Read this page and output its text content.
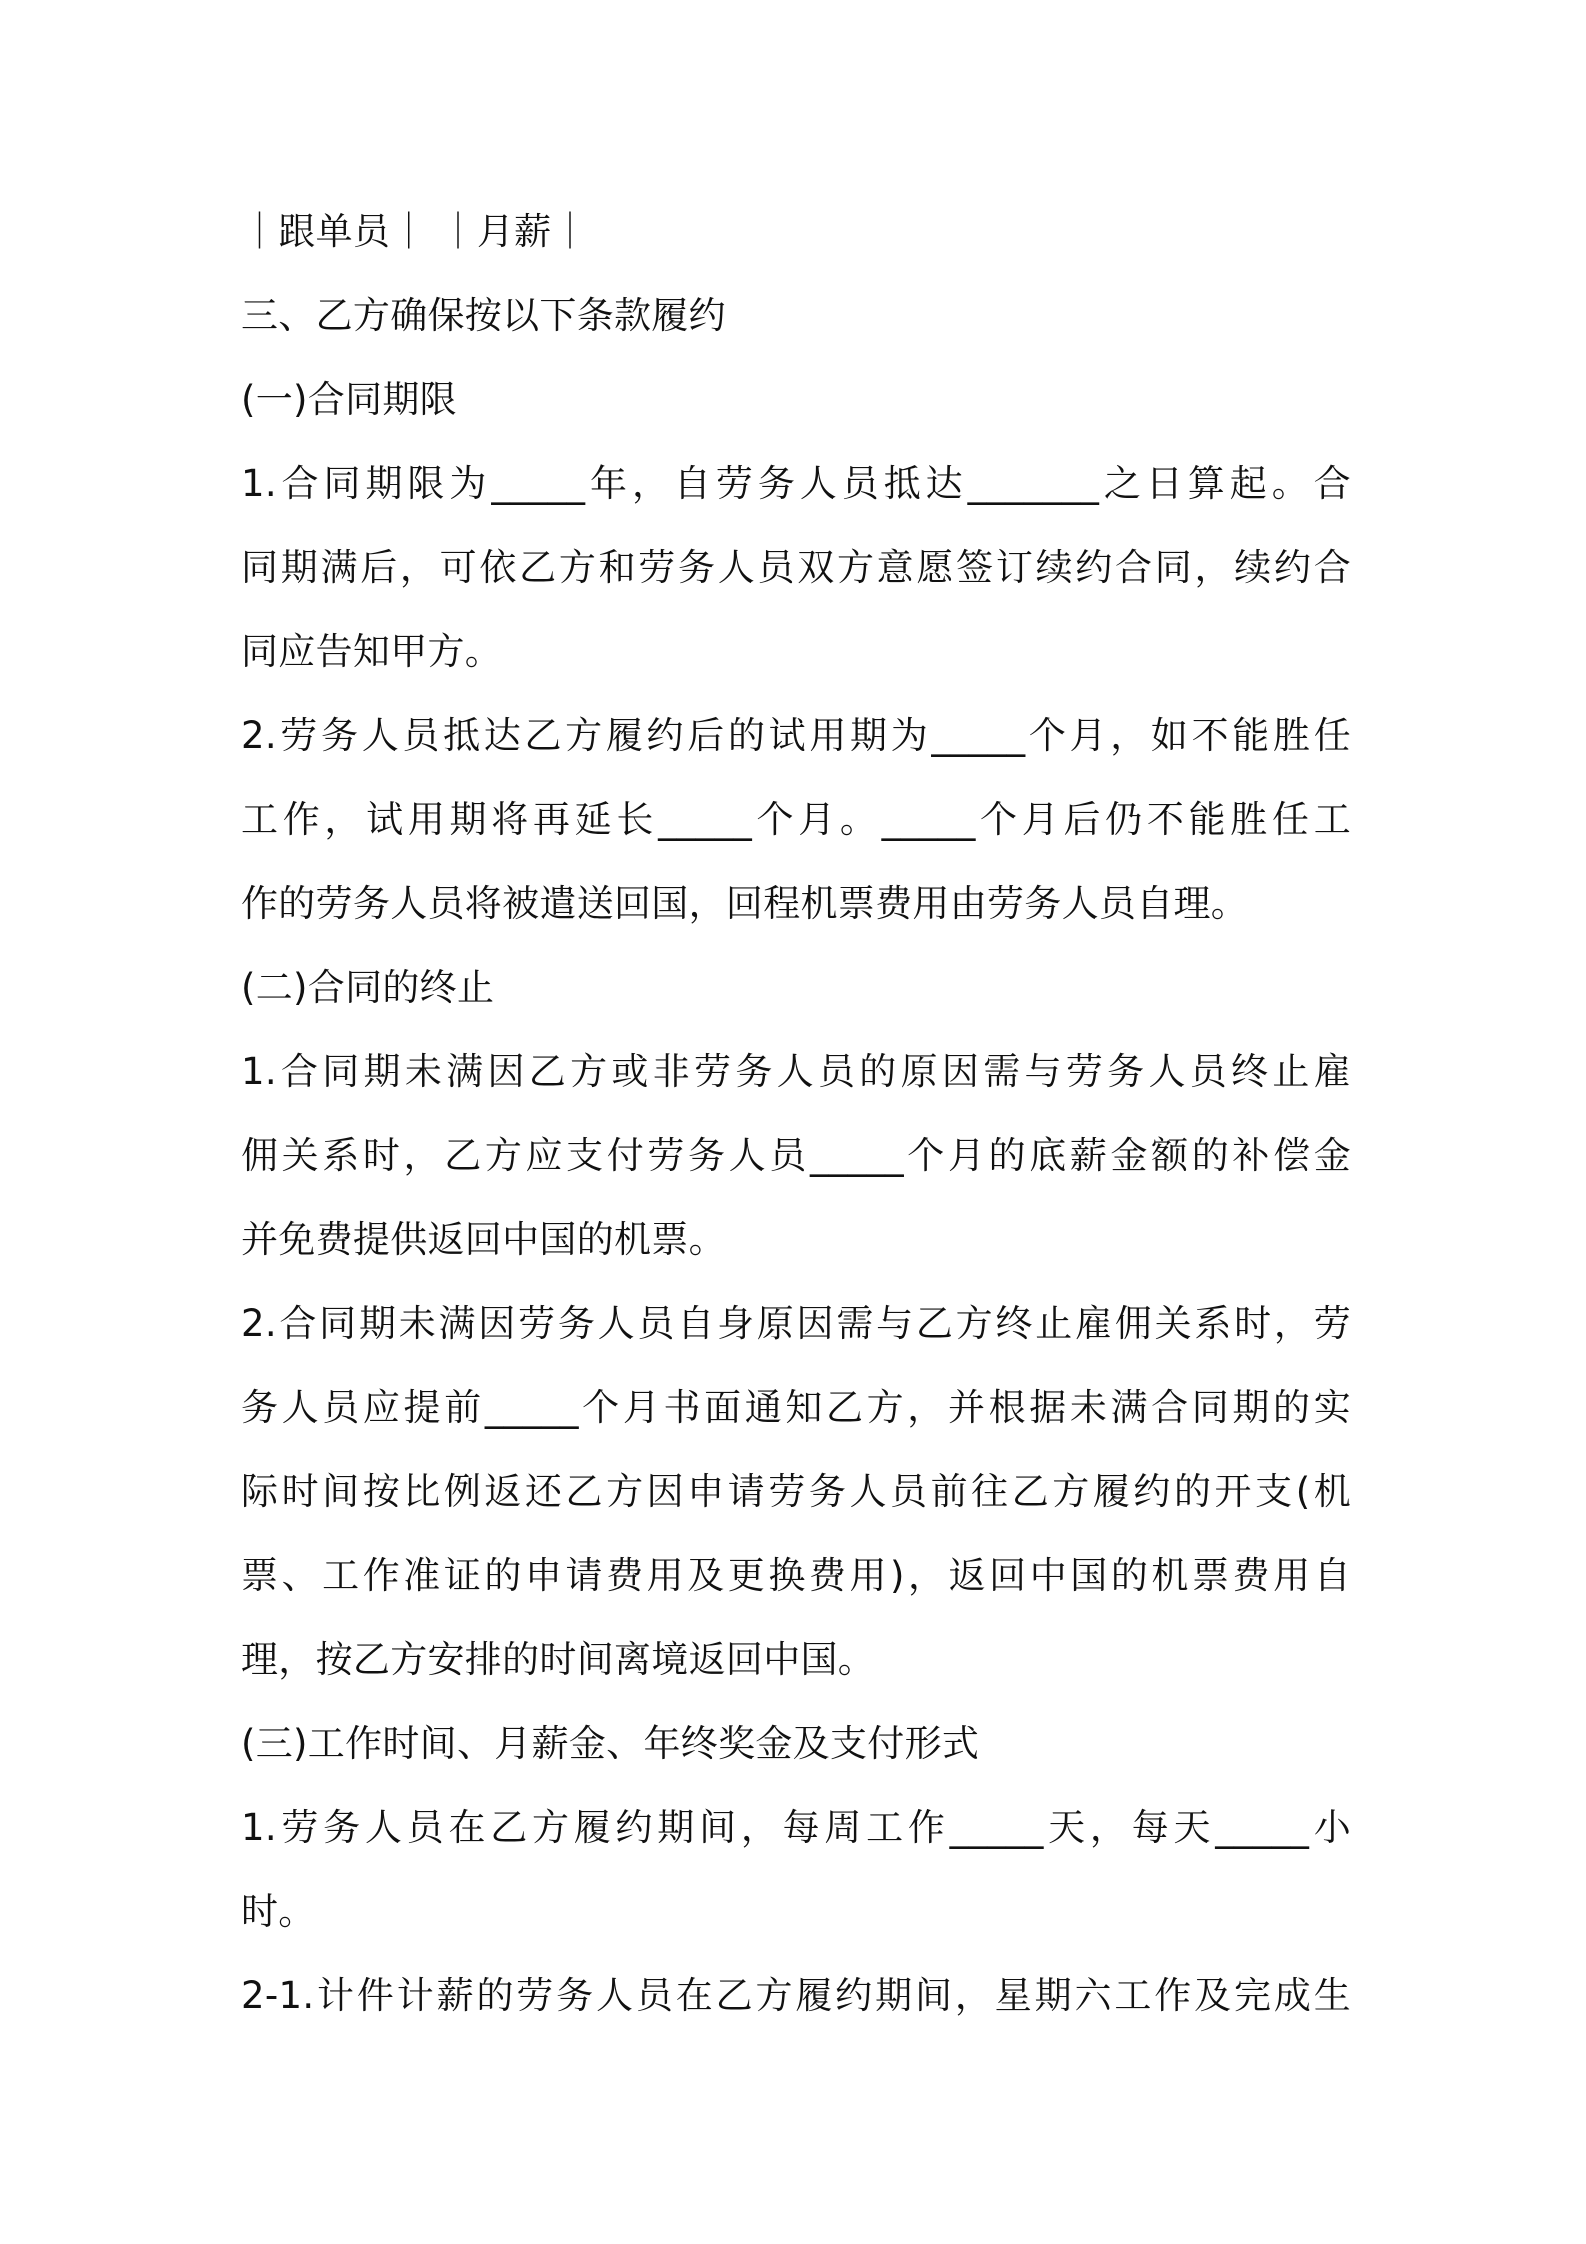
｜跟单员｜ ｜月薪｜

三、乙方确保按以下条款履约

(一)合同期限

1.合同期限为_____年，自劳务人员抵达_______之日算起。合

同期满后，可依乙方和劳务人员双方意愿签订续约合同，续约合

同应告知甲方。

2.劳务人员抵达乙方履约后的试用期为_____个月，如不能胜任

工作，试用期将再延长_____个月。_____个月后仍不能胜任工

作的劳务人员将被遣送回国，回程机票费用由劳务人员自理。

(二)合同的终止

1.合同期未满因乙方或非劳务人员的原因需与劳务人员终止雇

佣关系时，乙方应支付劳务人员_____个月的底薪金额的补偿金

并免费提供返回中国的机票。

2.合同期未满因劳务人员自身原因需与乙方终止雇佣关系时，劳

务人员应提前_____个月书面通知乙方，并根据未满合同期的实

际时间按比例返还乙方因申请劳务人员前往乙方履约的开支(机

票、工作准证的申请费用及更换费用)，返回中国的机票费用自

理，按乙方安排的时间离境返回中国。

(三)工作时间、月薪金、年终奖金及支付形式

1.劳务人员在乙方履约期间，每周工作_____天，每天_____小

时。

2-1.计件计薪的劳务人员在乙方履约期间，星期六工作及完成生
